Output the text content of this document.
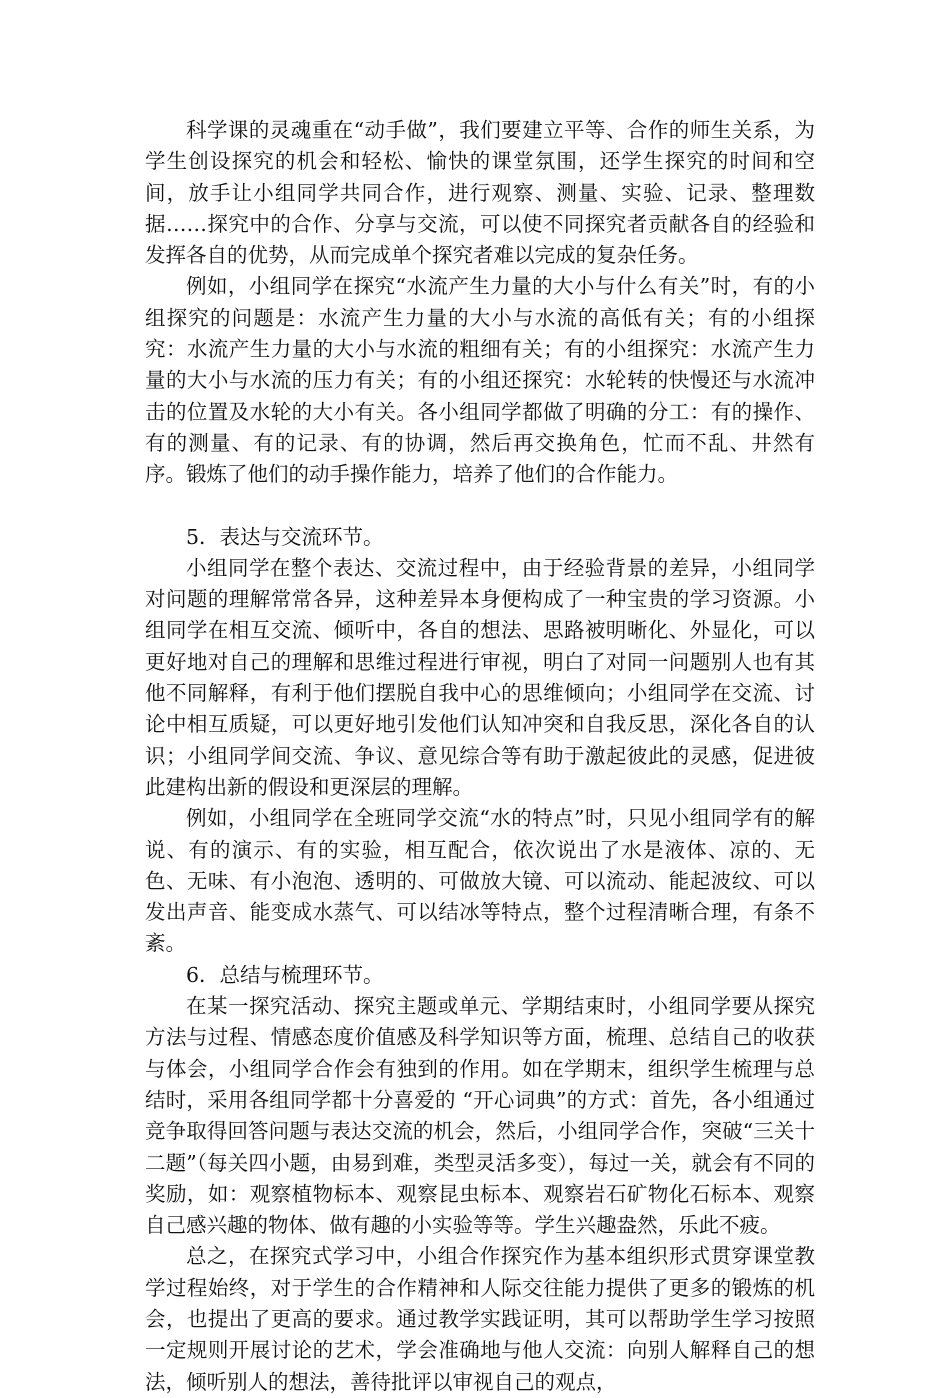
科学课的灵魂重在“动手做”，我们要建立平等、合作的师生关系，为学生创设探究的机会和轻松、愉快的课堂氛围，还学生探究的时间和空间，放手让小组同学共同合作，进行观察、测量、实验、记录、整理数据……探究中的合作、分享与交流，可以使不同探究者贡献各自的经验和发挥各自的优势，从而完成单个探究者难以完成的复杂任务。

例如，小组同学在探究“水流产生力量的大小与什么有关”时，有的小组探究的问题是：水流产生力量的大小与水流的高低有关；有的小组探究：水流产生力量的大小与水流的粗细有关；有的小组探究：水流产生力量的大小与水流的压力有关；有的小组还探究：水轮转的快慢还与水流冲击的位置及水轮的大小有关。各小组同学都做了明确的分工：有的操作、有的测量、有的记录、有的协调，然后再交换角色，忙而不乱、井然有序。锻炼了他们的动手操作能力，培养了他们的合作能力。

5．表达与交流环节。

小组同学在整个表达、交流过程中，由于经验背景的差异，小组同学对问题的理解常常各异，这种差异本身便构成了一种宝贵的学习资源。小组同学在相互交流、倾听中，各自的想法、思路被明晰化、外显化，可以更好地对自己的理解和思维过程进行审视，明白了对同一问题别人也有其他不同解释，有利于他们摆脱自我中心的思维倾向；小组同学在交流、讨论中相互质疑，可以更好地引发他们认知冲突和自我反思，深化各自的认识；小组同学间交流、争议、意见综合等有助于激起彼此的灵感，促进彼此建构出新的假设和更深层的理解。

例如，小组同学在全班同学交流“水的特点”时，只见小组同学有的解说、有的演示、有的实验，相互配合，依次说出了水是液体、凉的、无色、无味、有小泡泡、透明的、可做放大镜、可以流动、能起波纹、可以发出声音、能变成水蒸气、可以结冰等特点，整个过程清晰合理，有条不紊。

6．总结与梳理环节。

在某一探究活动、探究主题或单元、学期结束时，小组同学要从探究方法与过程、情感态度价值感及科学知识等方面，梳理、总结自己的收获与体会，小组同学合作会有独到的作用。如在学期末，组织学生梳理与总结时，采用各组同学都十分喜爱的 “开心词典”的方式：首先，各小组通过竞争取得回答问题与表达交流的机会，然后，小组同学合作，突破“三关十二题”（每关四小题，由易到难，类型灵活多变），每过一关，就会有不同的奖励，如：观察植物标本、观察昆虫标本、观察岩石矿物化石标本、观察自己感兴趣的物体、做有趣的小实验等等。学生兴趣盎然，乐此不疲。

总之，在探究式学习中，小组合作探究作为基本组织形式贯穿课堂教学过程始终，对于学生的合作精神和人际交往能力提供了更多的锻炼的机会，也提出了更高的要求。通过教学实践证明，其可以帮助学生学习按照一定规则开展讨论的艺术，学会准确地与他人交流：向别人解释自己的想法，倾听别人的想法，善待批评以审视自己的观点，
